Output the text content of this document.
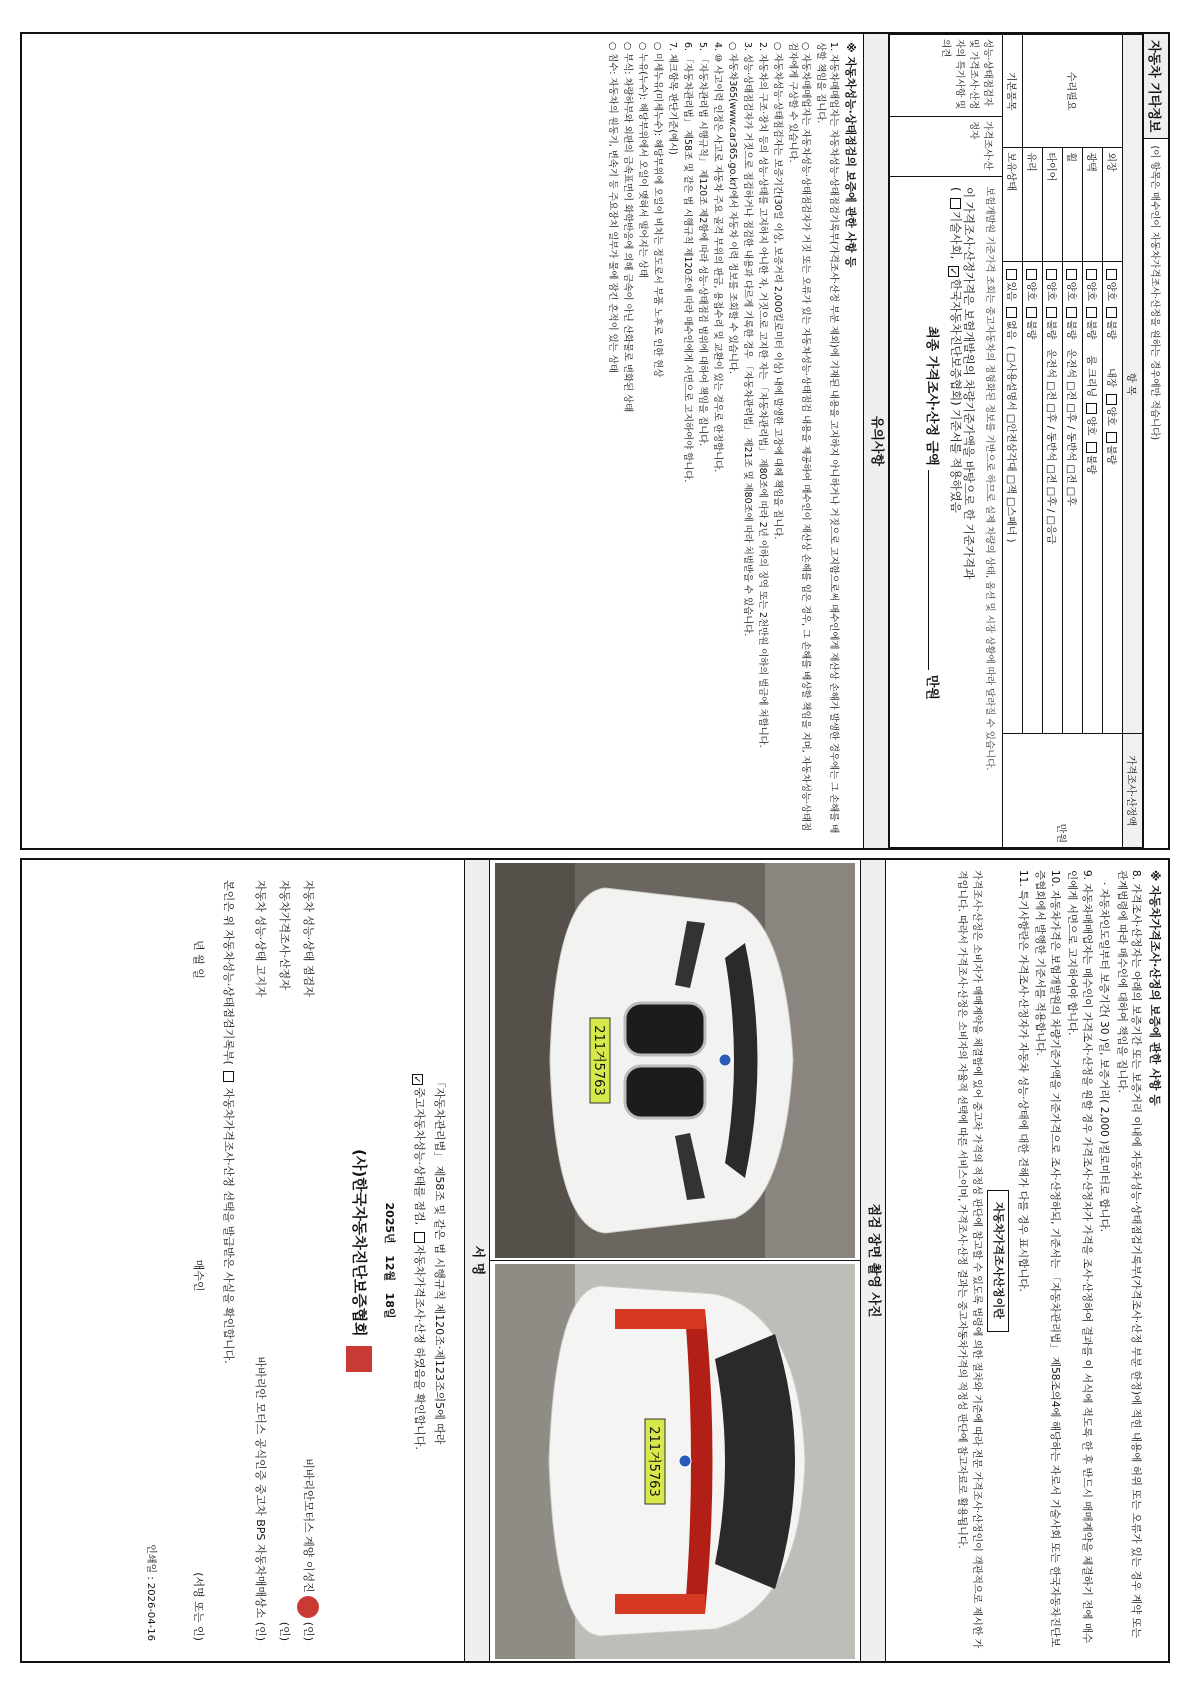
자동차 기타정보
(이 항목은 매수인이 자동차가격조사·산정을 원하는 경우에만 적습니다)
항 목			가격조사·산정액
수리필요	외장	양호 불량         내장 양호 불량	만원
	광택	양호 불량     룸 크리닝 양호 불량	
	휠	양호 불량   운전석 □전 □후 / 동반석 □전 □후	
	타이어	양호 불량   운전석 □전 □후 / 동반석 □전 □후 / □응급	
	유리	양호 불량	
기본품목	보유상태	있음 없음  ( □사용설명서 □안전삼각대 □잭 □스패너 )	
성능·상태점검자 및 가격조사·산정자의 특기사항 및 의견
가격조사·산정자
보험개발원 기준가격 조회는 중고자동차의 정형화된 정보를 기반으로 하므로 실제 차량의 상태, 옵션 및 시장 상황에 따라 달라질 수 있습니다.
이 가격조사·산정가격은 보험개발원의 차량기준가액을 바탕으로 한 기준가격과
( 기술사회, ✓한국자동차진단보증협회) 기준서를 적용하였음
최종 가격조사·산정 금액  만원
유의사항
※ 자동차성능·상태점검의 보증에 관한 사항 등

1. 자동차매매업자는 자동차성능·상태점검기록부(가격조사·산정 부분 제외)에 기재된 내용을 고지하지 아니하거나 거짓으로 고지함으로써 매수인에게 재산상 손해가 발생한 경우에는 그 손해를 배상할 책임을 집니다.

○ 자동차매매업자는 자동차성능·상태점검자가 거짓 또는 오류가 있는 자동차성능·상태점검 내용을 제공하여 매수인이 재산상 손해를 입은 경우, 그 손해를 배상할 책임을 지며, 자동차성능·상태점검자에게 구상할 수 있습니다.

○ 자동차성능·상태점검자는 보증기간(30일 이상, 보증거리 2,000킬로미터 이상) 내에 발생한 고장에 대해 책임을 집니다.

2. 자동차의 구조·장치 등의 성능·상태를 고지하지 아니한 자, 거짓으로 고지한 자는 「자동차관리법」 제80조에 따라 2년 이하의 징역 또는 2천만원 이하의 벌금에 처합니다.

3. 성능·상태점검자가 거짓으로 점검하거나 점검한 내용과 다르게 기록한 경우 「자동차관리법」 제21조 및 제80조에 따라 처벌받을 수 있습니다.

○ 자동차365(www.car365.go.kr)에서 자동차 이력 정보를 조회할 수 있습니다.

4. ⑩ 사고이력 인정은 사고로 자동차 주요 골격 부위의 판금, 용접수리 및 교환이 있는 경우로 한정합니다.

5. 「자동차관리법 시행규칙」 제120조 제2항에 따라 성능·상태점검 범위에 대하여 책임을 집니다.

6. 「자동차관리법」 제58조 및 같은 법 시행규칙 제120조에 따라 매수인에게 서면으로 고지하여야 합니다.

7. 체크항목 판단기준(예시)

○ 미세누유(미세누수): 해당부위에 오일이 비치는 정도로서 부품 노후로 인한 현상

○ 누유(누수): 해당부위에서 오일이 맺혀서 떨어지는 상태

○ 부식: 차량하부와 외판의 금속표면이 화학반응에 의해 금속이 아닌 산화물로 변화된 상태

○ 침수: 자동차의 원동기, 변속기 등 주요장치 일부가 물에 잠긴 흔적이 있는 상태

※ 자동차가격조사·산정의 보증에 관한 사항 등

8. 가격조사·산정자는 아래의 보증기간 또는 보증거리 이내에 자동차성능·상태점검기록부(가격조사·산정 부분 한정)에 적힌 내용에 허위 또는 오류가 있는 경우 계약 또는 관계법령에 따라 매수인에 대하여 책임을 집니다.

· 자동차인도일부터 보증기간( 30 )일, 보증거리( 2,000 )킬로미터로 합니다.

9. 자동차매매업자는 매수인이 가격조사·산정을 원할 경우 가격조사·산정자가 가격을 조사·산정하여 결과를 이 서식에 적도록 한 후 반드시 매매계약을 체결하기 전에 매수인에게 서면으로 고지하여야 합니다.

10. 자동차가격은 보험개발원의 차량기준가액을 기준가격으로 조사·산정하되, 기준서는 「자동차관리법」 제58조의4에 해당하는 자로서 기술사회 또는 한국자동차진단보증협회에서 발행한 기준서를 적용합니다.

11. 특기사항란은 가격조사·산정자가 자동차 성능·상태에 대한 견해가 다를 경우 표시합니다.

자동차가격조사산정이란

가격조사·산정은 소비자가 매매계약을 체결함에 있어 중고차 가격의 적정성 판단에 참고할 수 있도록 법령에 의한 절차와 기준에 따라 전문 가격조사·산정인이 객관적으로 제시한 가격입니다. 따라서 가격조사·산정은 소비자의 자율적 선택에 따른 서비스이며, 가격조사·산정 결과는 중고자동차가격의 적정성 판단에 참고자료로 활용됩니다.

점검 장면 촬영 사진
211거5763
211거5763
서 명

「자동차관리법」 제58조 및 같은 법 시행규칙 제120조·제123조의5에 따라

✓중고자동차성능·상태를 점검, 자동차가격조사·산정 하였음을 확인합니다.

2025년   12월   18일

(사)한국자동차진단보증협회

자동차 성능·상태 점검자
비바리안모터스 계양 이성진  (인)
자동차가격조사·산정자
(인)
자동차 성능·상태 고지자
바바리안 모터스 공식인증 중고차 BPS 자동차매매상소 (인)
본인은 위 자동차성능·상태점검기록부(  자동차가격조사·산정 선택을 발급받은 사실을 확인합니다.
년 월 일
매수인
(서명 또는 인)
인쇄일 : 2026-04-16
